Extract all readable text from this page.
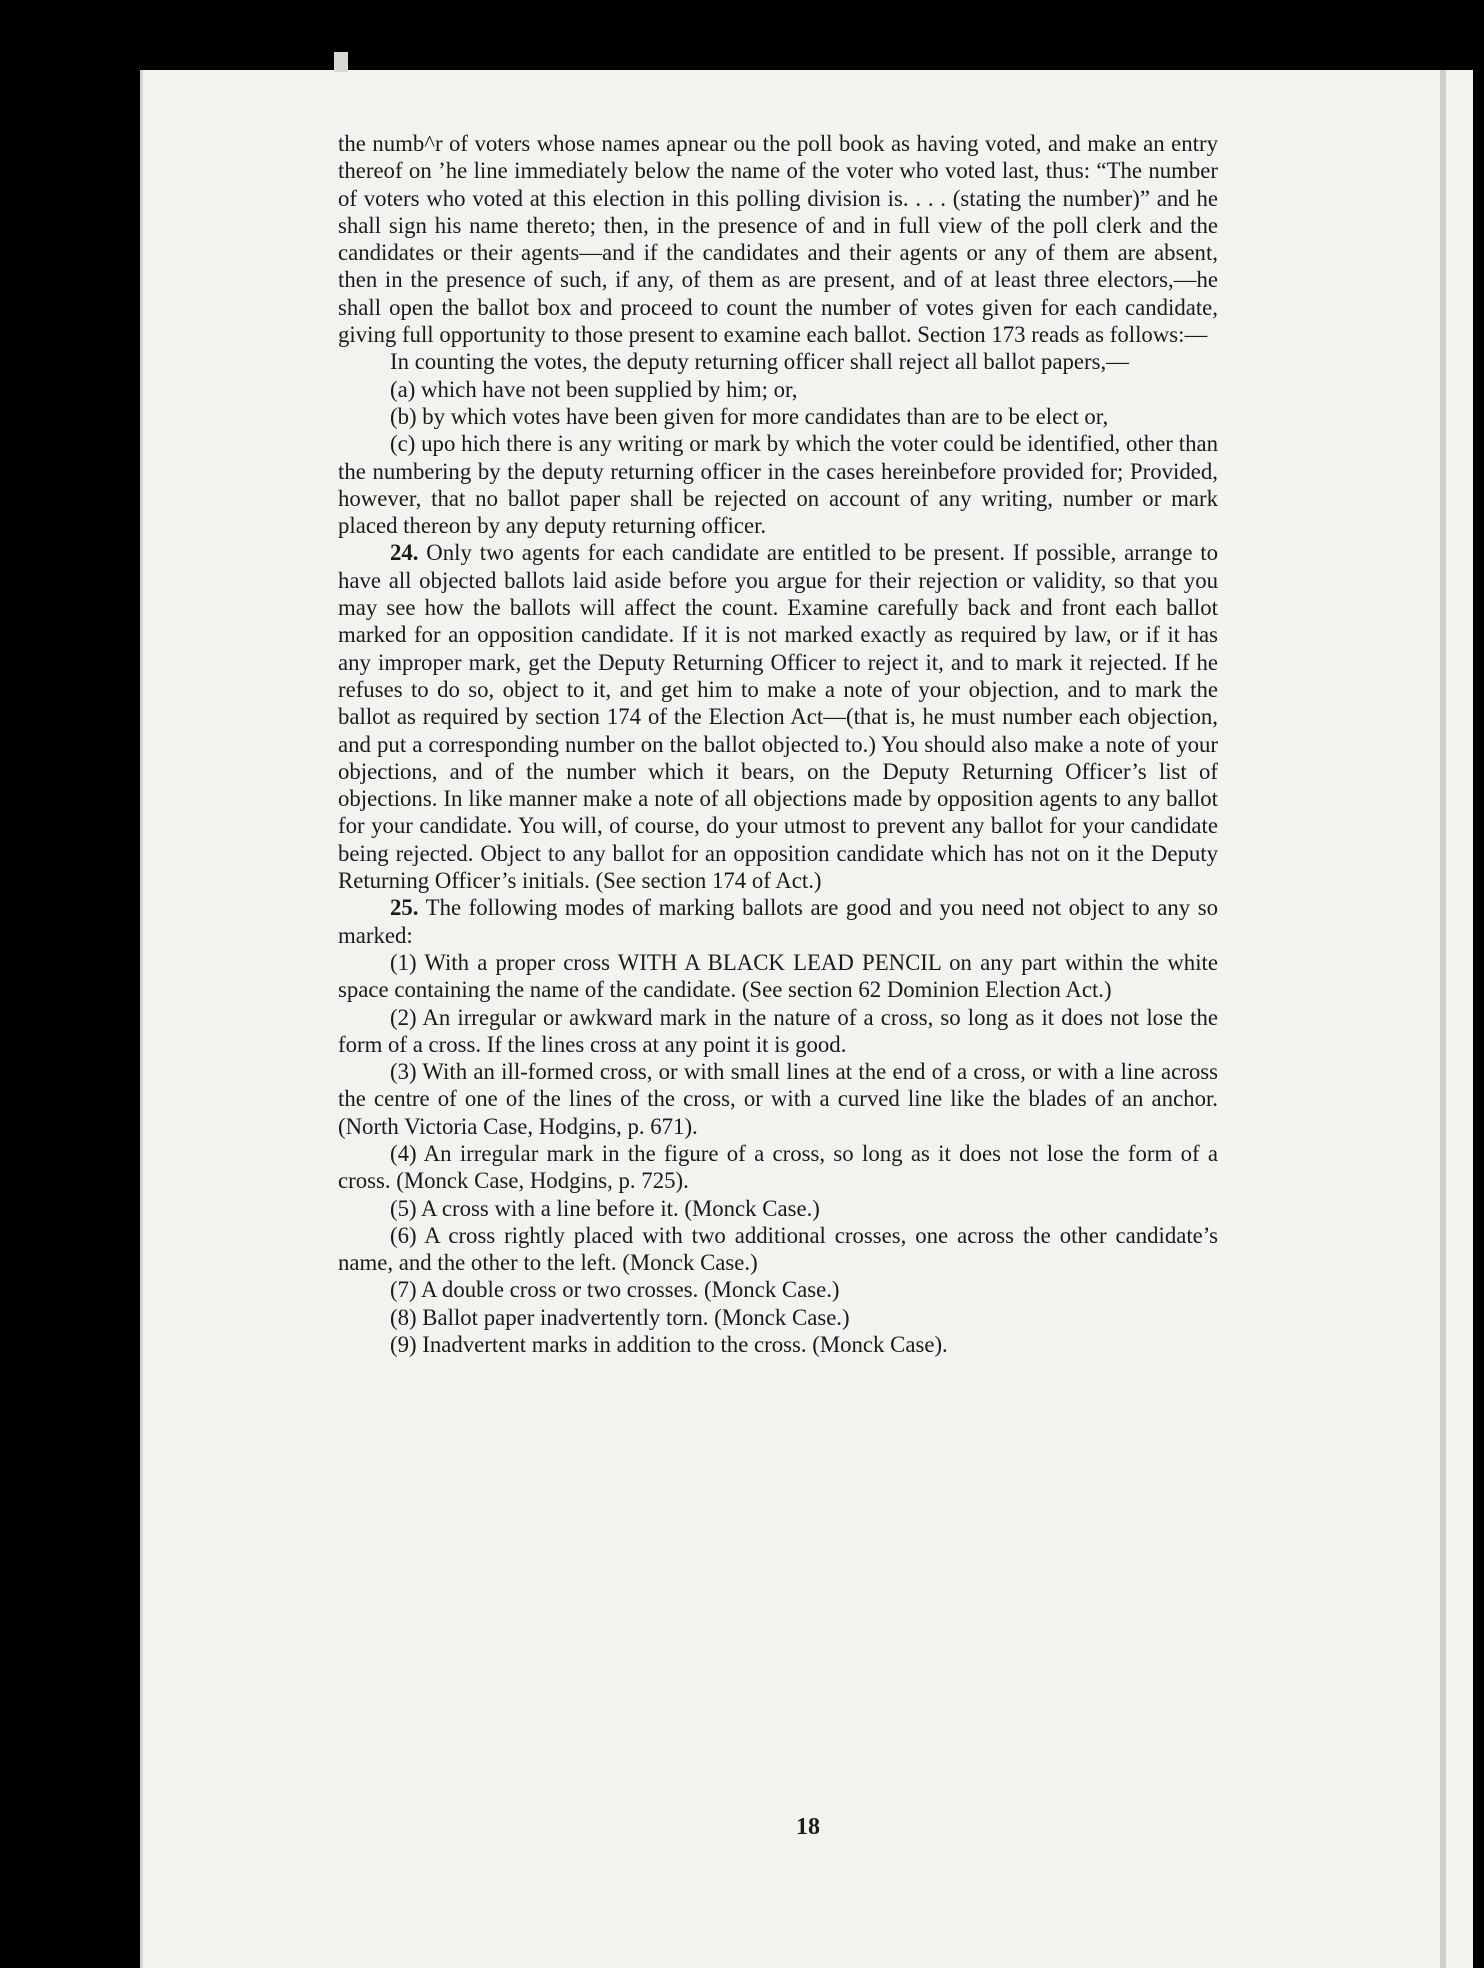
the numb^r of voters whose names apnear ou the poll book as having voted, and make an entry thereof on ’he line immediately below the name of the voter who voted last, thus: “The number of voters who voted at this election in this polling division is. . . . (stating the number)” and he shall sign his name thereto; then, in the presence of and in full view of the poll clerk and the candidates or their agents—and if the candidates and their agents or any of them are absent, then in the presence of such, if any, of them as are present, and of at least three electors,—he shall open the ballot box and proceed to count the number of votes given for each candidate, giving full opportunity to those present to examine each ballot. Section 173 reads as follows:—

In counting the votes, the deputy returning officer shall reject all ballot papers,—

(a) which have not been supplied by him; or,

(b) by which votes have been given for more candidates than are to be elect or,

(c) upo hich there is any writing or mark by which the voter could be identified, other than the numbering by the deputy returning officer in the cases hereinbefore provided for; Provided, however, that no ballot paper shall be rejected on account of any writing, number or mark placed thereon by any deputy returning officer.

24. Only two agents for each candidate are entitled to be present. If possible, arrange to have all objected ballots laid aside before you argue for their rejection or validity, so that you may see how the ballots will affect the count. Examine carefully back and front each ballot marked for an opposition candidate. If it is not marked exactly as required by law, or if it has any improper mark, get the Deputy Returning Officer to reject it, and to mark it rejected. If he refuses to do so, object to it, and get him to make a note of your objection, and to mark the ballot as required by section 174 of the Election Act—(that is, he must number each objection, and put a corresponding number on the ballot objected to.) You should also make a note of your objections, and of the number which it bears, on the Deputy Returning Officer’s list of objections. In like manner make a note of all objections made by opposition agents to any ballot for your candidate. You will, of course, do your utmost to prevent any ballot for your candidate being rejected. Object to any ballot for an opposition candidate which has not on it the Deputy Returning Officer’s initials. (See section 174 of Act.)

25. The following modes of marking ballots are good and you need not object to any so marked:

(1) With a proper cross WITH A BLACK LEAD PENCIL on any part within the white space containing the name of the candidate. (See section 62 Dominion Election Act.)

(2) An irregular or awkward mark in the nature of a cross, so long as it does not lose the form of a cross. If the lines cross at any point it is good.

(3) With an ill-formed cross, or with small lines at the end of a cross, or with a line across the centre of one of the lines of the cross, or with a curved line like the blades of an anchor. (North Victoria Case, Hodgins, p. 671).

(4) An irregular mark in the figure of a cross, so long as it does not lose the form of a cross. (Monck Case, Hodgins, p. 725).

(5) A cross with a line before it. (Monck Case.)

(6) A cross rightly placed with two additional crosses, one across the other candidate’s name, and the other to the left. (Monck Case.)

(7) A double cross or two crosses. (Monck Case.)

(8) Ballot paper inadvertently torn. (Monck Case.)

(9) Inadvertent marks in addition to the cross. (Monck Case).

18
